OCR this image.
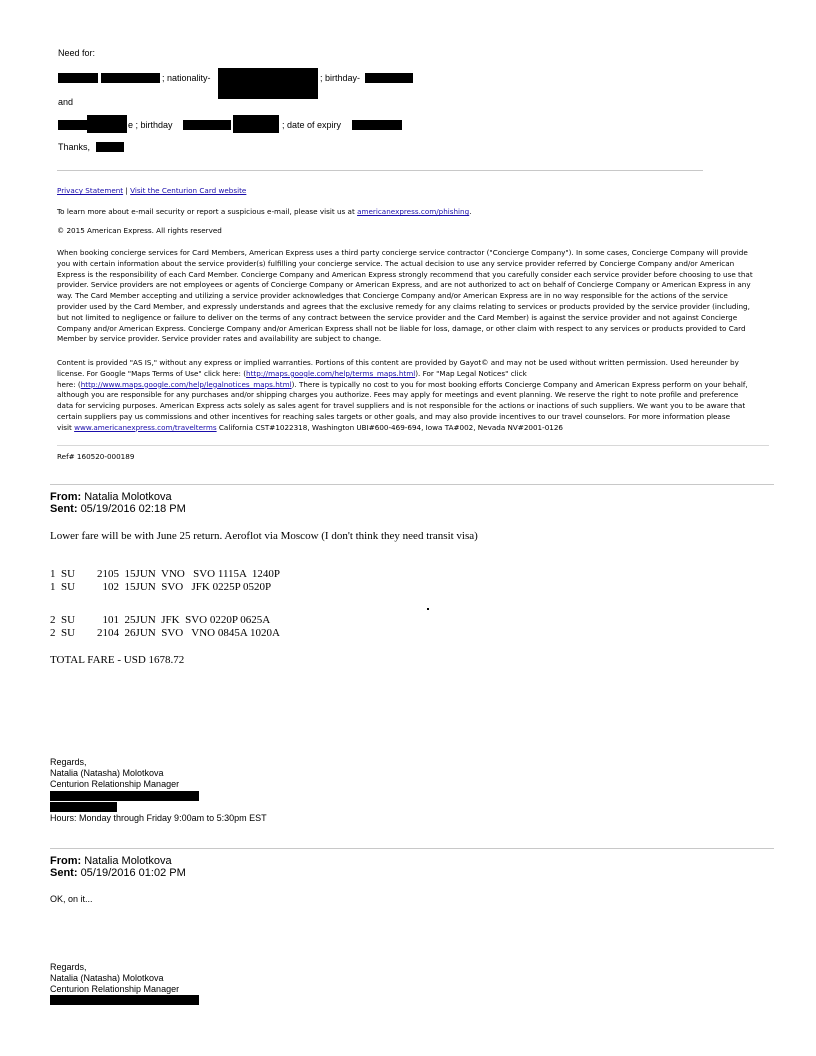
Need for:
; nationality-	; birthday-
and
e ; birthday	; date of expiry
Thanks,
Privacy Statement | Visit the Centurion Card website
To learn more about e-mail security or report a suspicious e-mail, please visit us at americanexpress.com/phishing.
© 2015 American Express. All rights reserved
When booking concierge services for Card Members, American Express uses a third party concierge service contractor ("Concierge Company"). In some cases, Concierge Company will provide
you with certain information about the service provider(s) fulfilling your concierge service. The actual decision to use any service provider referred by Concierge Company and/or American
Express is the responsibility of each Card Member. Concierge Company and American Express strongly recommend that you carefully consider each service provider before choosing to use that
provider. Service providers are not employees or agents of Concierge Company or American Express, and are not authorized to act on behalf of Concierge Company or American Express in any
way. The Card Member accepting and utilizing a service provider acknowledges that Concierge Company and/or American Express are in no way responsible for the actions of the service
provider used by the Card Member, and expressly understands and agrees that the exclusive remedy for any claims relating to services or products provided by the service provider (including,
but not limited to negligence or failure to deliver on the terms of any contract between the service provider and the Card Member) is against the service provider and not against Concierge
Company and/or American Express. Concierge Company and/or American Express shall not be liable for loss, damage, or other claim with respect to any services or products provided to Card
Member by service provider. Service provider rates and availability are subject to change.
Content is provided "AS IS," without any express or implied warranties. Portions of this content are provided by Gayot© and may not be used without written permission. Used hereunder by
license. For Google "Maps Terms of Use" click here: (http://maps.google.com/help/terms_maps.html). For "Map Legal Notices" click
here: (http://www.maps.google.com/help/legalnotices_maps.html). There is typically no cost to you for most booking efforts Concierge Company and American Express perform on your behalf,
although you are responsible for any purchases and/or shipping charges you authorize. Fees may apply for meetings and event planning. We reserve the right to note profile and preference
data for servicing purposes. American Express acts solely as sales agent for travel suppliers and is not responsible for the actions or inactions of such suppliers. We want you to be aware that
certain suppliers pay us commissions and other incentives for reaching sales targets or other goals, and may also provide incentives to our travel counselors. For more information please
visit www.americanexpress.com/travelterms California CST#1022318, Washington UBI#600-469-694, Iowa TA#002, Nevada NV#2001-0126
Ref# 160520-000189
From: Natalia Molotkova
Sent: 05/19/2016 02:18 PM
Lower fare will be with June 25 return. Aeroflot via Moscow (I don't think they need transit visa)
1  SU        2105  15JUN  VNO   SVO 1115A  1240P
1  SU          102  15JUN  SVO   JFK 0225P 0520P
2  SU          101  25JUN  JFK  SVO 0220P 0625A
2  SU        2104  26JUN  SVO   VNO 0845A 1020A
TOTAL FARE - USD 1678.72
Regards,
Natalia (Natasha) Molotkova
Centurion Relationship Manager
Hours: Monday through Friday 9:00am to 5:30pm EST
From: Natalia Molotkova
Sent: 05/19/2016 01:02 PM
OK, on it...
Regards,
Natalia (Natasha) Molotkova
Centurion Relationship Manager
